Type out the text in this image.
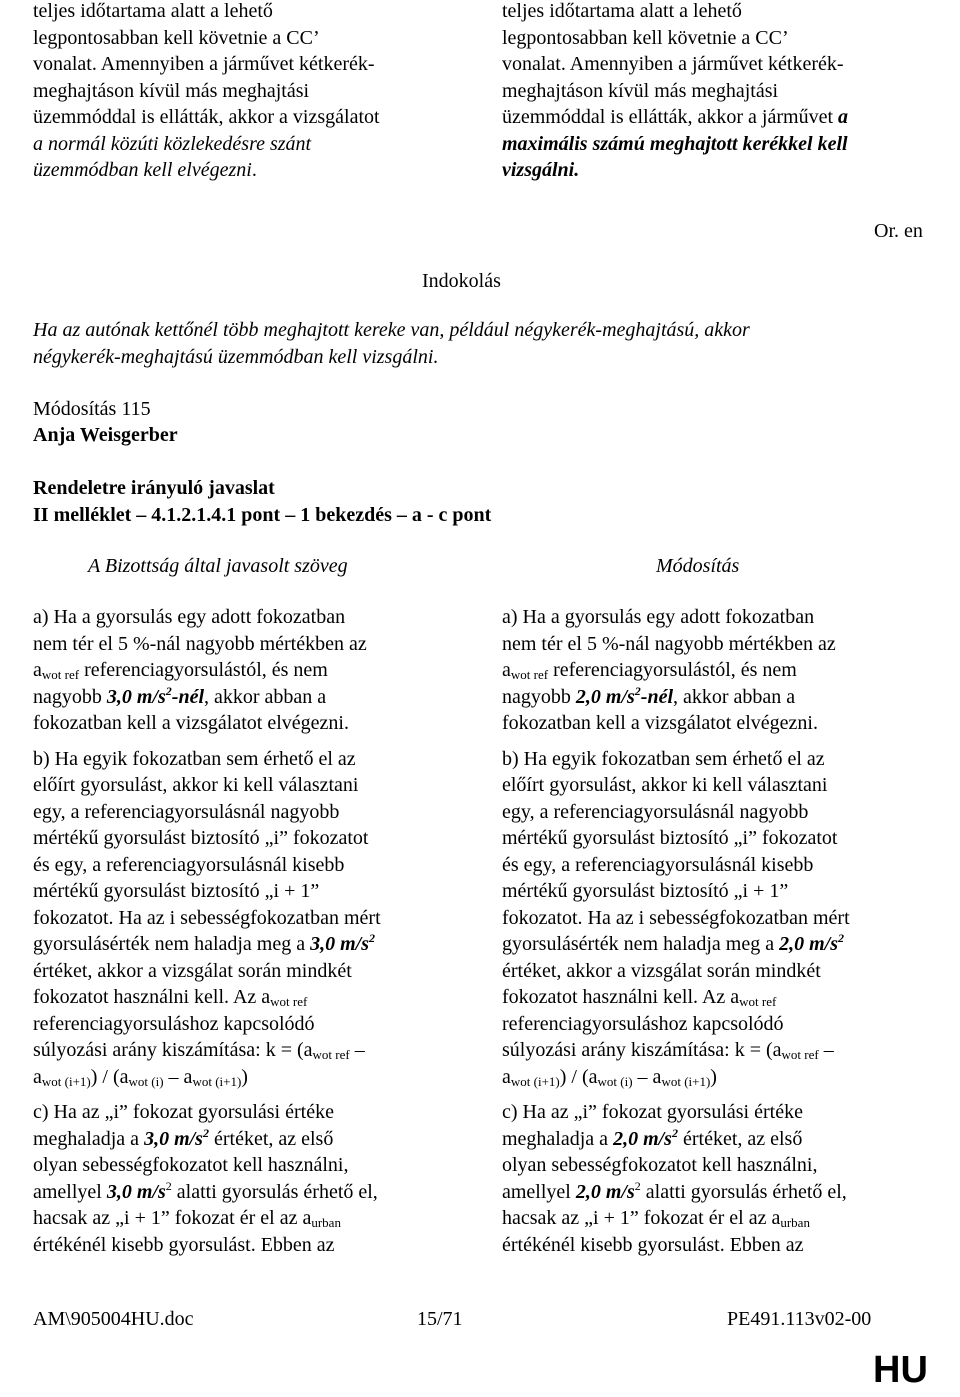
teljes időtartama alatt a lehető
legpontosabban kell követnie a CC’
vonalat. Amennyiben a járművet kétkerék-
meghajtáson kívül más meghajtási
üzemmóddal is ellátták, akkor a vizsgálatot
a normál közúti közlekedésre szánt
üzemmódban kell elvégezni.
teljes időtartama alatt a lehető
legpontosabban kell követnie a CC’
vonalat. Amennyiben a járművet kétkerék-
meghajtáson kívül más meghajtási
üzemmóddal is ellátták, akkor a járművet a
maximális számú meghajtott kerékkel kell
vizsgálni.
Or. en
Indokolás
Ha az autónak kettőnél több meghajtott kereke van, például négykerék-meghajtású, akkor
négykerék-meghajtású üzemmódban kell vizsgálni.
Módosítás 115
Anja Weisgerber
Rendeletre irányuló javaslat
II melléklet – 4.1.2.1.4.1 pont – 1 bekezdés – a - c pont
A Bizottság által javasolt szöveg	Módosítás
a) Ha a gyorsulás egy adott fokozatban
nem tér el 5 %-nál nagyobb mértékben az
$a_{wot ref}$ referenciagyorsulástól, és nem
nagyobb 3,0 $m/s^2$-nél, akkor abban a
fokozatban kell a vizsgálatot elvégezni.
b) Ha egyik fokozatban sem érhető el az
előírt gyorsulást, akkor ki kell választani
egy, a referenciagyorsulásnál nagyobb
mértékű gyorsulást biztosító „i” fokozatot
és egy, a referenciagyorsulásnál kisebb
mértékű gyorsulást biztosító „i + 1”
fokozatot. Ha az i sebességfokozatban mért
gyorsulásérték nem haladja meg a 3,0 $m/s^2$
értéket, akkor a vizsgálat során mindkét
fokozatot használni kell. Az $a_{wot ref}$
referenciagyorsuláshoz kapcsolódó
súlyozási arány kiszámítása: $k = (a_{wot ref}$ –
$a_{wot (i+1)}) / (a_{wot (i)} - a_{wot (i+1)})$
c) Ha az „i” fokozat gyorsulási értéke
meghaladja a 3,0 $m/s^2$ értéket, az első
olyan sebességfokozatot kell használni,
amellyel 3,0 $m/s^2$ alatti gyorsulás érhető el,
hacsak az „i + 1” fokozat ér el az $a_{urban}$
értékénél kisebb gyorsulást. Ebben az
a) Ha a gyorsulás egy adott fokozatban
nem tér el 5 %-nál nagyobb mértékben az
$a_{wot ref}$ referenciagyorsulástól, és nem
nagyobb 2,0 $m/s^2$-nél, akkor abban a
fokozatban kell a vizsgálatot elvégezni.
b) Ha egyik fokozatban sem érhető el az
előírt gyorsulást, akkor ki kell választani
egy, a referenciagyorsulásnál nagyobb
mértékű gyorsulást biztosító „i” fokozatot
és egy, a referenciagyorsulásnál kisebb
mértékű gyorsulást biztosító „i + 1”
fokozatot. Ha az i sebességfokozatban mért
gyorsulásérték nem haladja meg a 2,0 $m/s^2$
értéket, akkor a vizsgálat során mindkét
fokozatot használni kell. Az $a_{wot ref}$
referenciagyorsuláshoz kapcsolódó
súlyozási arány kiszámítása: $k = (a_{wot ref}$ –
$a_{wot (i+1)}) / (a_{wot (i)} - a_{wot (i+1)})$
c) Ha az „i” fokozat gyorsulási értéke
meghaladja a 2,0 $m/s^2$ értéket, az első
olyan sebességfokozatot kell használni,
amellyel 2,0 $m/s^2$ alatti gyorsulás érhető el,
hacsak az „i + 1” fokozat ér el az $a_{urban}$
értékénél kisebb gyorsulást. Ebben az
AM\905004HU.doc	15/71	PE491.113v02-00
HU
